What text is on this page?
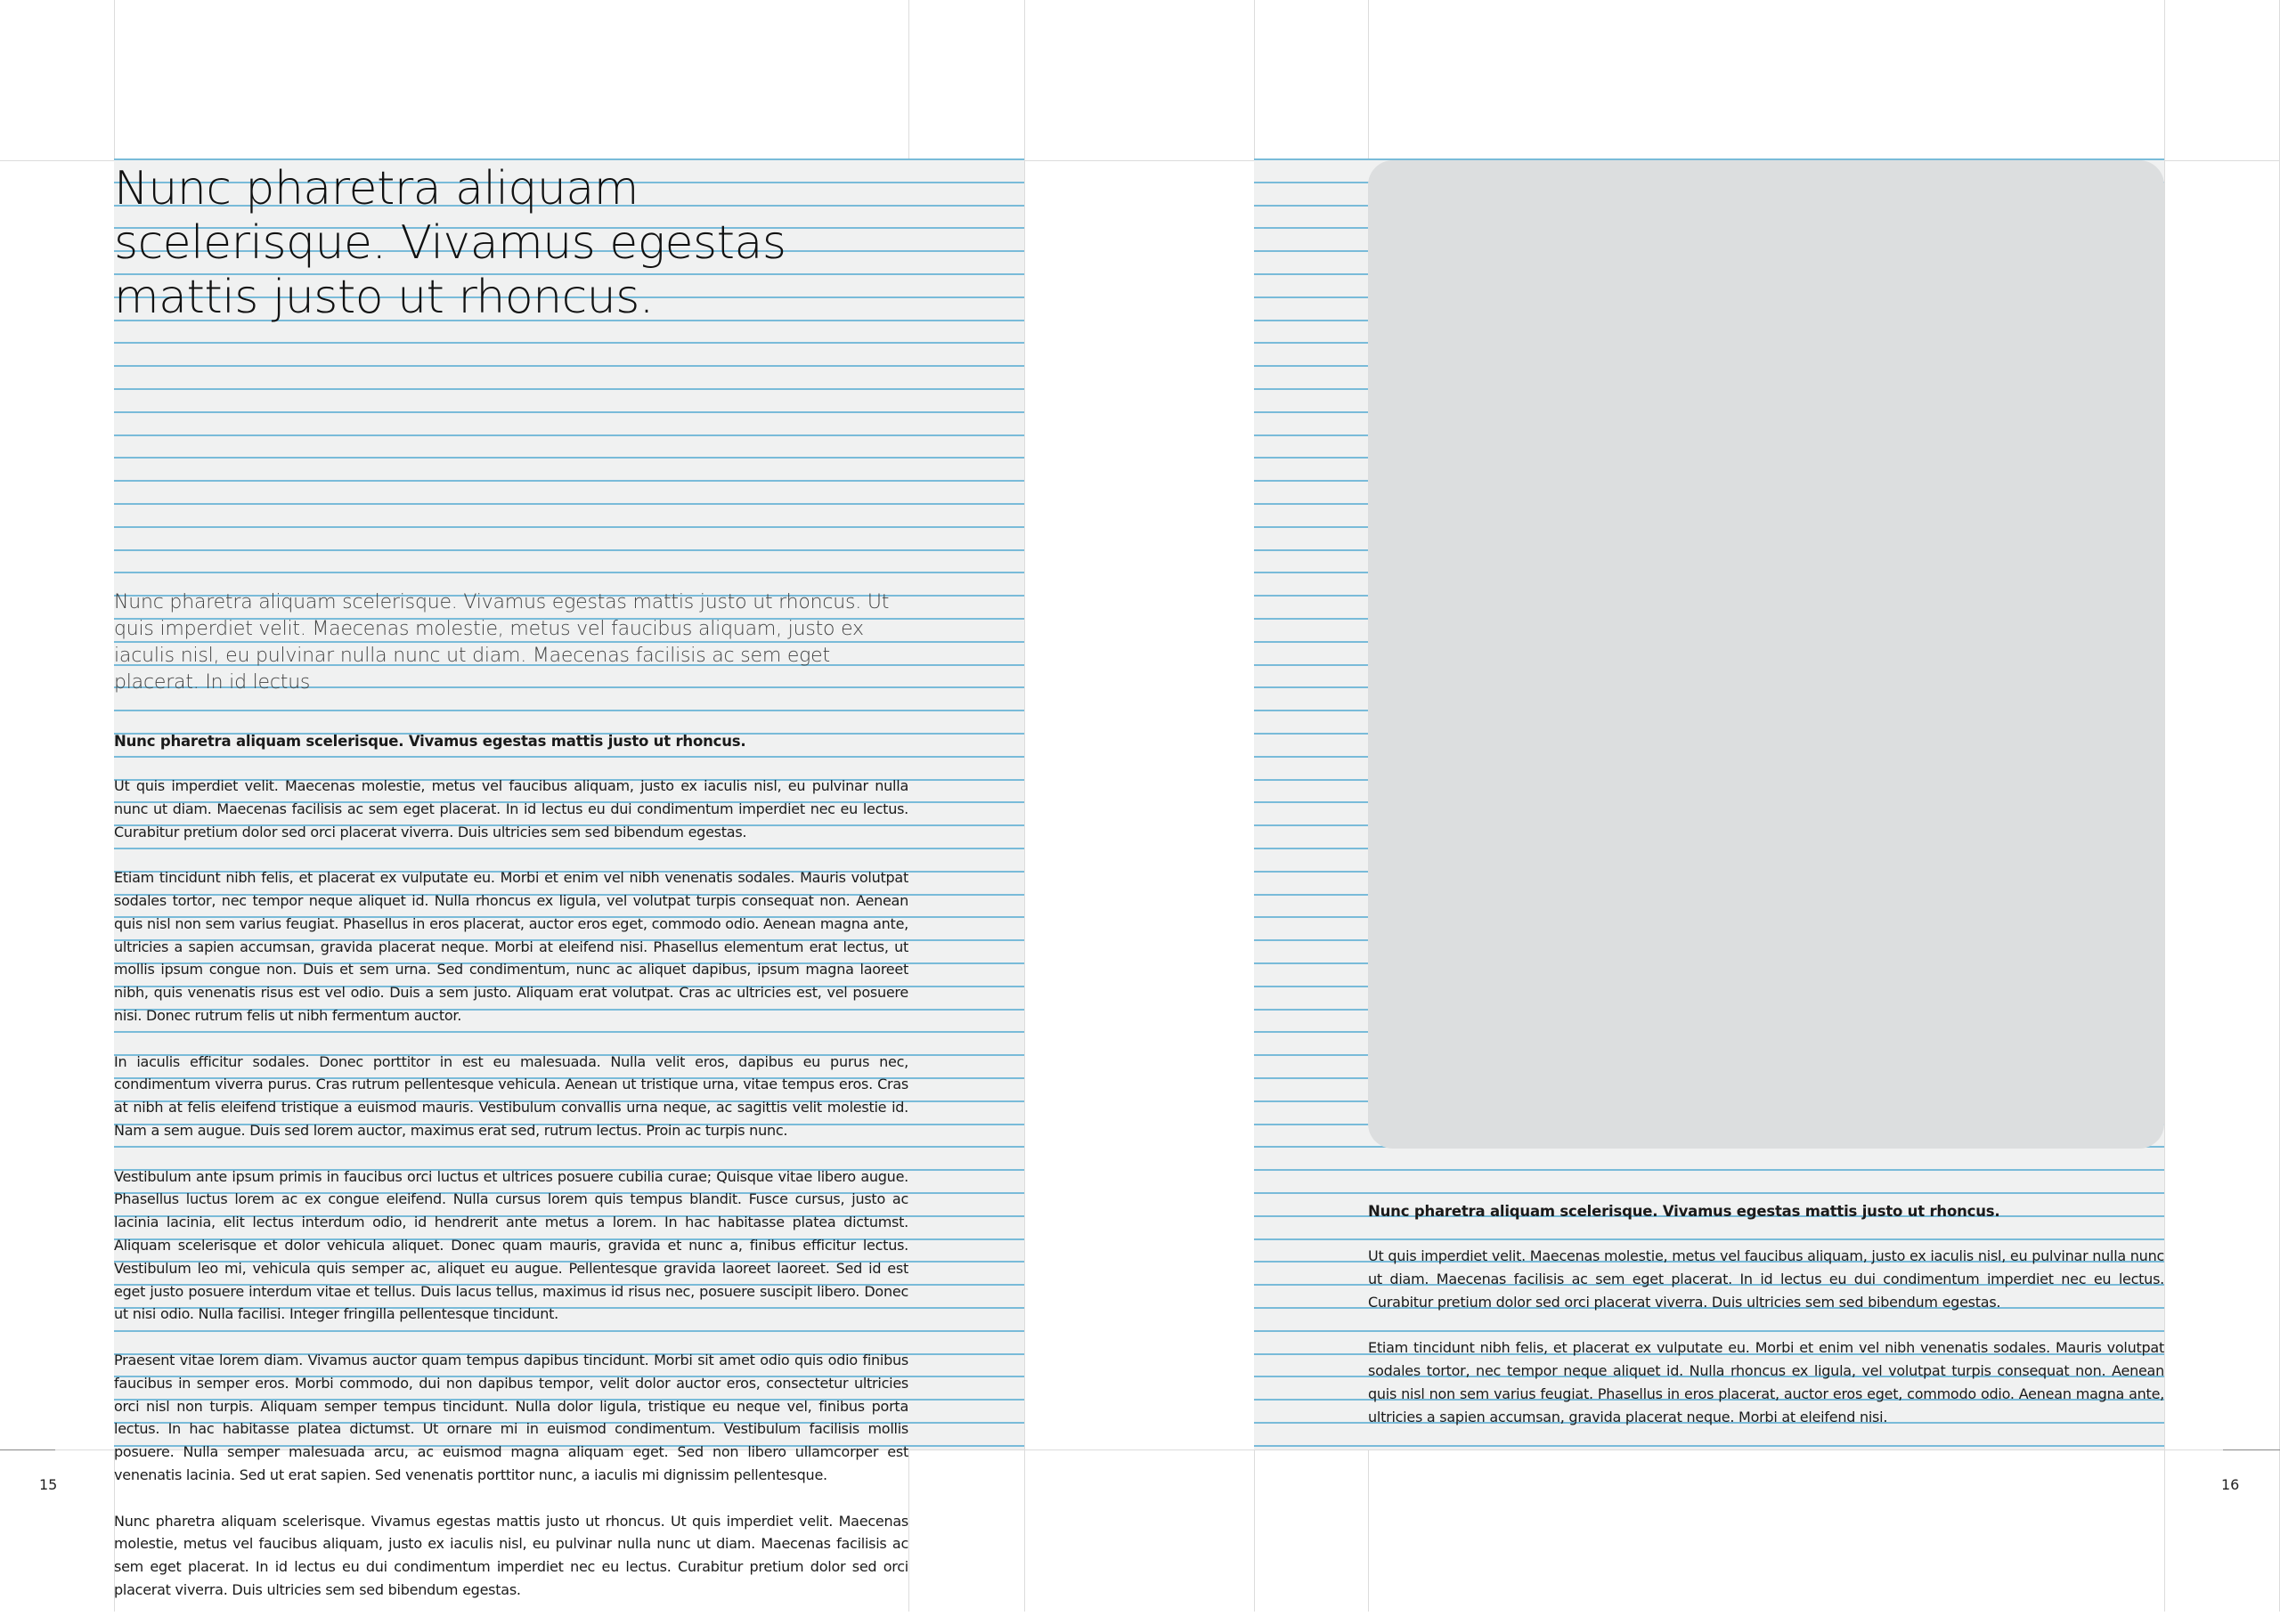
Nunc pharetra aliquam scelerisque. Vivamus egestas mattis justo ut rhoncus.

Nunc pharetra aliquam scelerisque. Vivamus egestas mattis justo ut rhoncus. Ut quis imperdiet velit. Maecenas molestie, metus vel faucibus aliquam, justo ex iaculis nisl, eu pulvinar nulla nunc ut diam. Maecenas facilisis ac sem eget placerat. In id lectus

Nunc pharetra aliquam scelerisque. Vivamus egestas mattis justo ut rhoncus.

Ut quis imperdiet velit. Maecenas molestie, metus vel faucibus aliquam, justo ex iaculis nisl, eu pulvinar nulla nunc ut diam. Maecenas facilisis ac sem eget placerat. In id lectus eu dui condimentum imperdiet nec eu lectus. Curabitur pretium dolor sed orci placerat viverra. Duis ultricies sem sed bibendum egestas.

Etiam tincidunt nibh felis, et placerat ex vulputate eu. Morbi et enim vel nibh venenatis sodales. Mauris volutpat sodales tortor, nec tempor neque aliquet id. Nulla rhoncus ex ligula, vel volutpat turpis consequat non. Aenean quis nisl non sem varius feugiat. Phasellus in eros placerat, auctor eros eget, commodo odio. Aenean magna ante, ultricies a sapien accumsan, gravida placerat neque. Morbi at eleifend nisi. Phasellus elementum erat lectus, ut mollis ipsum congue non. Duis et sem urna. Sed condimentum, nunc ac aliquet dapibus, ipsum magna laoreet nibh, quis venenatis risus est vel odio. Duis a sem justo. Aliquam erat volutpat. Cras ac ultricies est, vel posuere nisi. Donec rutrum felis ut nibh fermentum auctor.

In iaculis efficitur sodales. Donec porttitor in est eu malesuada. Nulla velit eros, dapibus eu purus nec, condimentum viverra purus. Cras rutrum pellentesque vehicula. Aenean ut tristique urna, vitae tempus eros. Cras at nibh at felis eleifend tristique a euismod mauris. Vestibulum convallis urna neque, ac sagittis velit molestie id. Nam a sem augue. Duis sed lorem auctor, maximus erat sed, rutrum lectus. Proin ac turpis nunc.

Vestibulum ante ipsum primis in faucibus orci luctus et ultrices posuere cubilia curae; Quisque vitae libero augue. Phasellus luctus lorem ac ex congue eleifend. Nulla cursus lorem quis tempus blandit. Fusce cursus, justo ac lacinia lacinia, elit lectus interdum odio, id hendrerit ante metus a lorem. In hac habitasse platea dictumst. Aliquam scelerisque et dolor vehicula aliquet. Donec quam mauris, gravida et nunc a, finibus efficitur lectus. Vestibulum leo mi, vehicula quis semper ac, aliquet eu augue. Pellentesque gravida laoreet laoreet. Sed id est eget justo posuere interdum vitae et tellus. Duis lacus tellus, maximus id risus nec, posuere suscipit libero. Donec ut nisi odio. Nulla facilisi. Integer fringilla pellentesque tincidunt.

Praesent vitae lorem diam. Vivamus auctor quam tempus dapibus tincidunt. Morbi sit amet odio quis odio finibus faucibus in semper eros. Morbi commodo, dui non dapibus tempor, velit dolor auctor eros, consectetur ultricies orci nisl non turpis. Aliquam semper tempus tincidunt. Nulla dolor ligula, tristique eu neque vel, finibus porta lectus. In hac habitasse platea dictumst. Ut ornare mi in euismod condimentum. Vestibulum facilisis mollis posuere. Nulla semper malesuada arcu, ac euismod magna aliquam eget. Sed non libero ullamcorper est venenatis lacinia. Sed ut erat sapien. Sed venenatis porttitor nunc, a iaculis mi dignissim pellentesque.

Nunc pharetra aliquam scelerisque. Vivamus egestas mattis justo ut rhoncus. Ut quis imperdiet velit. Maecenas molestie, metus vel faucibus aliquam, justo ex iaculis nisl, eu pulvinar nulla nunc ut diam. Maecenas facilisis ac sem eget placerat. In id lectus eu dui condimentum imperdiet nec eu lectus. Curabitur pretium dolor sed orci placerat viverra. Duis ultricies sem sed bibendum egestas.

Nunc pharetra aliquam scelerisque. Vivamus egestas mattis justo ut rhoncus.

Ut quis imperdiet velit. Maecenas molestie, metus vel faucibus aliquam, justo ex iaculis nisl, eu pulvinar nulla nunc ut diam. Maecenas facilisis ac sem eget placerat. In id lectus eu dui condimentum imperdiet nec eu lectus. Curabitur pretium dolor sed orci placerat viverra. Duis ultricies sem sed bibendum egestas.

Etiam tincidunt nibh felis, et placerat ex vulputate eu. Morbi et enim vel nibh venenatis sodales. Mauris volutpat sodales tortor, nec tempor neque aliquet id. Nulla rhoncus ex ligula, vel volutpat turpis consequat non. Aenean quis nisl non sem varius feugiat. Phasellus in eros placerat, auctor eros eget, commodo odio. Aenean magna ante, ultricies a sapien accumsan, gravida placerat neque. Morbi at eleifend nisi.

15	16
